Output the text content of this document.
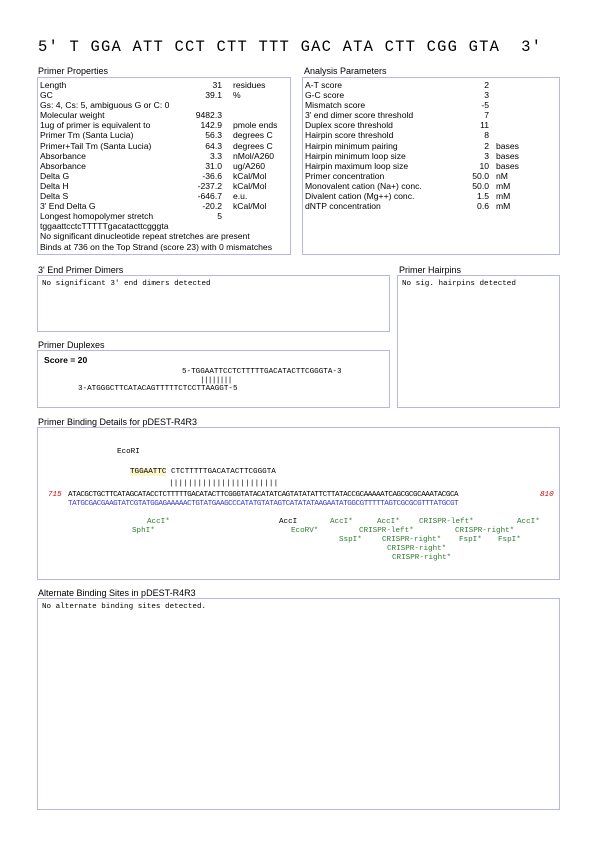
5' T GGA ATT CCT CTT TTT GAC ATA CTT CGG GTA 3'
Primer Properties
Length	31 residues
GC	39.1 %
Gs: 4, Cs: 5, ambiguous G or C: 0
Molecular weight	9482.3
1ug of primer is equivalent to	142.9 pmole ends
Primer Tm (Santa Lucia)	56.3 degrees C
Primer+Tail Tm (Santa Lucia)	64.3 degrees C
Absorbance	3.3 nMol/A260
Absorbance	31.0 ug/A260
Delta G	-36.6 kCal/Mol
Delta H	-237.2 kCal/Mol
Delta S	-646.7 e.u.
3' End Delta G	-20.2 kCal/Mol
Longest homopolymer stretch	5
tggaattcctcTTTTTgacatacttcgggta
No significant dinucleotide repeat stretches are present
Binds at 736 on the Top Strand (score 23) with 0 mismatches
Analysis Parameters
A-T score	2
G-C score	3
Mismatch score	-5
3' end dimer score threshold	7
Duplex score threshold	11
Hairpin score threshold	8
Hairpin minimum pairing	2 bases
Hairpin minimum loop size	3 bases
Hairpin maximum loop size	10 bases
Primer concentration	50.0 nM
Monovalent cation (Na+) conc.	50.0 mM
Divalent cation (Mg++) conc.	1.5 mM
dNTP concentration	0.6 mM
3' End Primer Dimers
No significant 3' end dimers detected
Primer Hairpins
No sig. hairpins detected
Primer Duplexes
Score = 20
5-TGGAATTCCTCTTTTTGACATACTTCGGGTA-3
||||||||
3-ATGGGCTTCATACAGTTTTTCTCCTTAAGGT-5
Primer Binding Details for pDEST-R4R3
EcoRI
TGGAATTC CTCTTTTTGACATACTTCGGGTA
|||||||||||||||||||||||
715 ATACGCTGCTTCATAGCATACCTCTTTTTGACATACTTCGGGTATACATATCAGTATATATTCTTATACCGCAAAAATCAGCGCGCAAATACGCA	810
TATGCGACGAAGTATCGTATGGAGAAAAACTGTATGAAGCCCATATGTATAGTCATATATAAGAATATGGCGTTTTTAGTCGCGCGTTTATGCGT
AccI*
SphI*
AccI
EcoRV*
AccI*
SspI*
AccI*	CRISPR-left*
CRISPR-left*	CRISPR-right*
CRISPR-right*
CRISPR-right*
CRISPR-right*
FspI* FspI*
AccI*
Alternate Binding Sites in pDEST-R4R3
No alternate binding sites detected.
